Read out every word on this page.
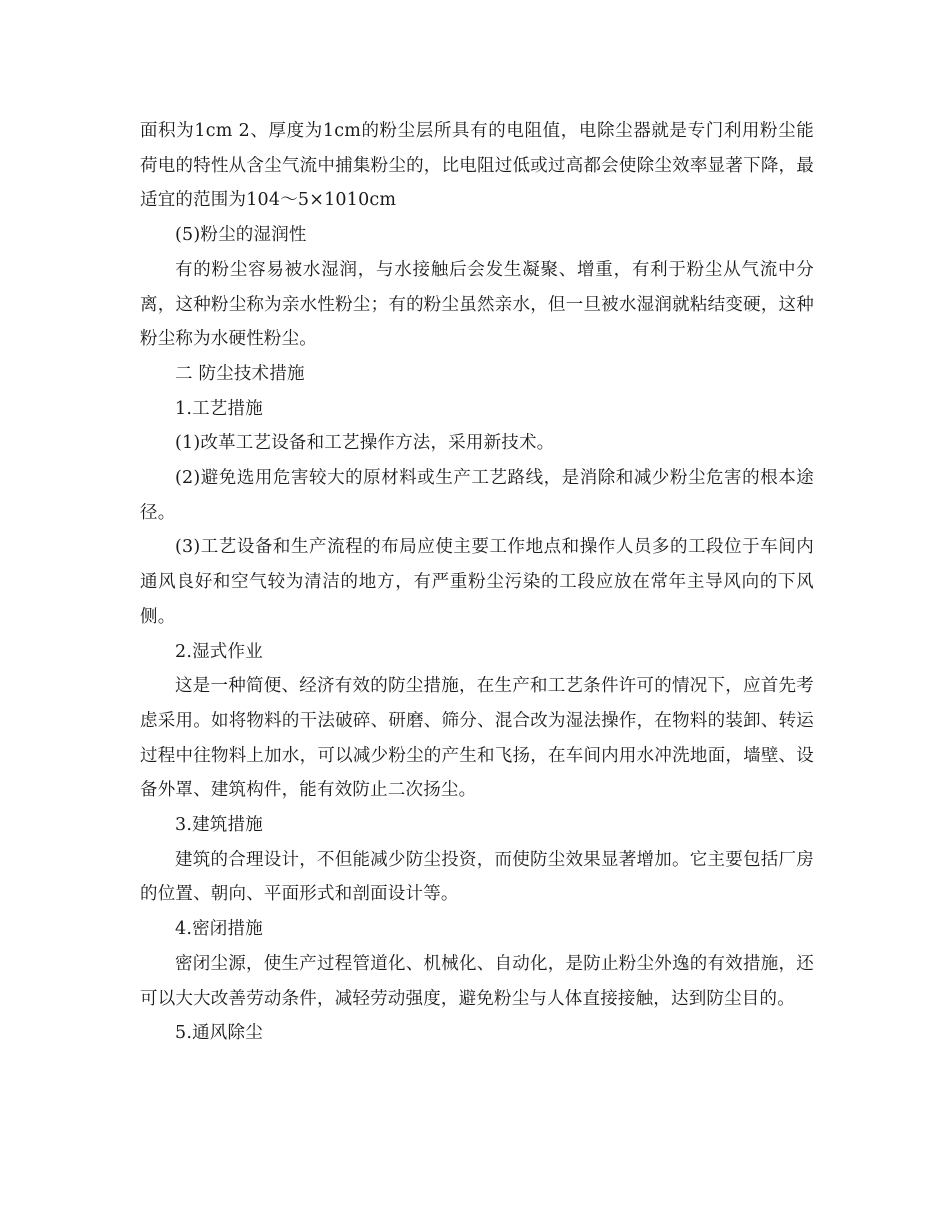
面积为1cm 2、厚度为1cm的粉尘层所具有的电阻值，电除尘器就是专门利用粉尘能荷电的特性从含尘气流中捕集粉尘的，比电阻过低或过高都会使除尘效率显著下降，最适宜的范围为104～5×1010cm

(5)粉尘的湿润性

有的粉尘容易被水湿润，与水接触后会发生凝聚、增重，有利于粉尘从气流中分离，这种粉尘称为亲水性粉尘；有的粉尘虽然亲水，但一旦被水湿润就粘结变硬，这种粉尘称为水硬性粉尘。

二 防尘技术措施

1.工艺措施

(1)改革工艺设备和工艺操作方法，采用新技术。

(2)避免选用危害较大的原材料或生产工艺路线，是消除和减少粉尘危害的根本途径。

(3)工艺设备和生产流程的布局应使主要工作地点和操作人员多的工段位于车间内通风良好和空气较为清洁的地方，有严重粉尘污染的工段应放在常年主导风向的下风侧。

2.湿式作业

这是一种简便、经济有效的防尘措施，在生产和工艺条件许可的情况下，应首先考虑采用。如将物料的干法破碎、研磨、筛分、混合改为湿法操作，在物料的装卸、转运过程中往物料上加水，可以减少粉尘的产生和飞扬，在车间内用水冲洗地面，墙壁、设备外罩、建筑构件，能有效防止二次扬尘。

3.建筑措施

建筑的合理设计，不但能减少防尘投资，而使防尘效果显著增加。它主要包括厂房的位置、朝向、平面形式和剖面设计等。

4.密闭措施

密闭尘源，使生产过程管道化、机械化、自动化，是防止粉尘外逸的有效措施，还可以大大改善劳动条件，减轻劳动强度，避免粉尘与人体直接接触，达到防尘目的。

5.通风除尘
